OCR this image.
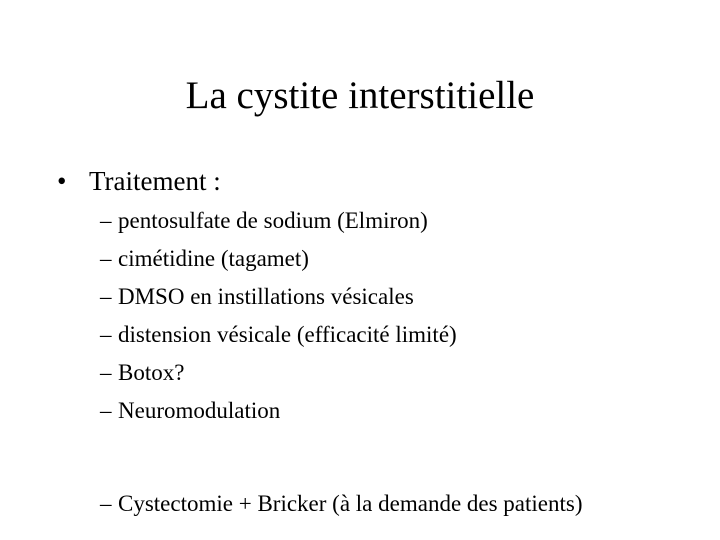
La cystite interstitielle
• Traitement :
– pentosulfate de sodium (Elmiron)
– cimétidine (tagamet)
– DMSO en instillations vésicales
– distension vésicale (efficacité limité)
– Botox?
– Neuromodulation
– Cystectomie + Bricker (à la demande des patients)
